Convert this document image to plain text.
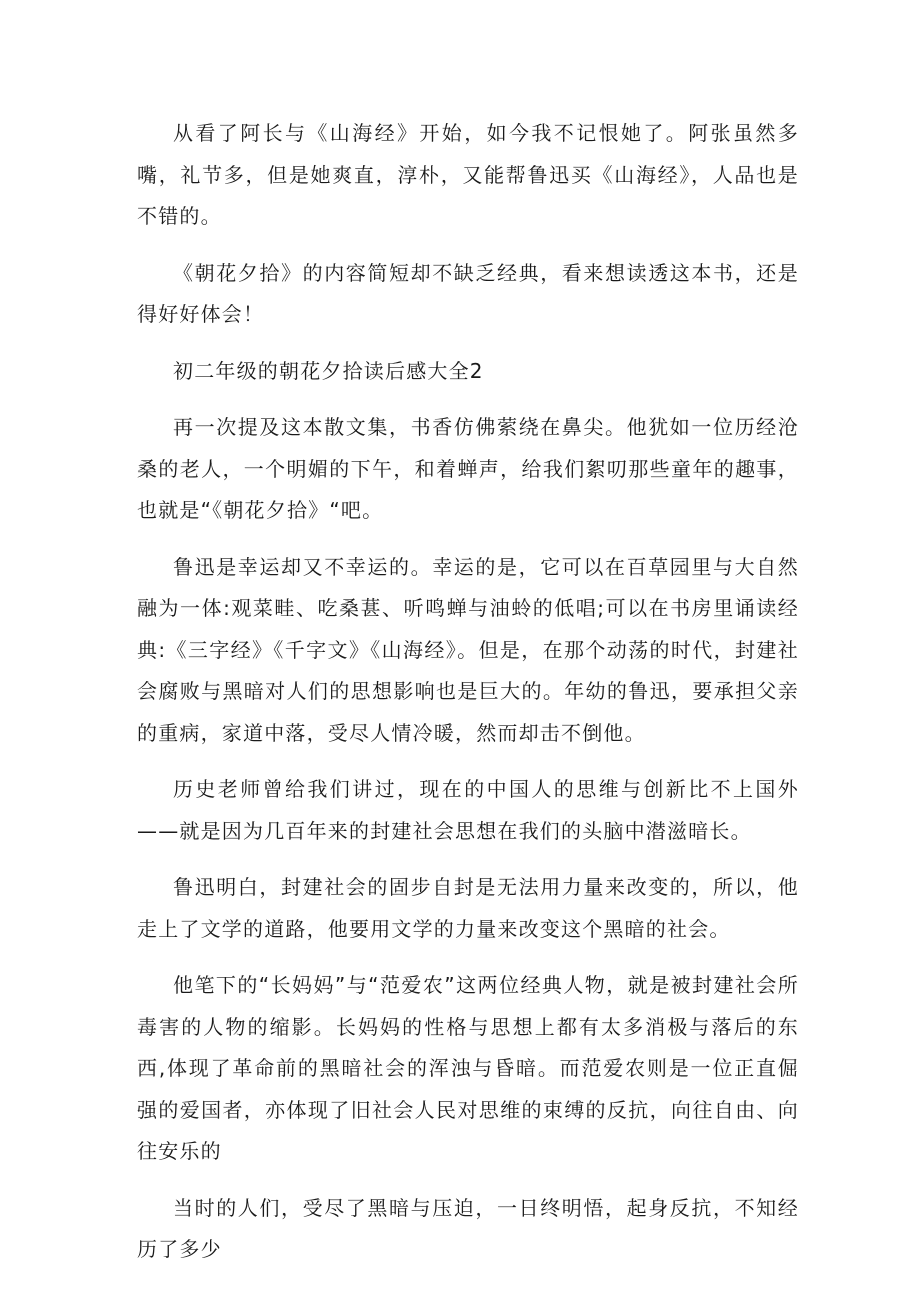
从看了阿长与《山海经》开始，如今我不记恨她了。阿张虽然多嘴，礼节多，但是她爽直，淳朴，又能帮鲁迅买《山海经》，人品也是不错的。

《朝花夕拾》的内容简短却不缺乏经典，看来想读透这本书，还是得好好体会！

初二年级的朝花夕拾读后感大全2

再一次提及这本散文集，书香仿佛萦绕在鼻尖。他犹如一位历经沧桑的老人，一个明媚的下午，和着蝉声，给我们絮叨那些童年的趣事，也就是“《朝花夕拾》“吧。

鲁迅是幸运却又不幸运的。幸运的是，它可以在百草园里与大自然融为一体:观菜畦、吃桑葚、听鸣蝉与油蛉的低唱;可以在书房里诵读经典:《三字经》《千字文》《山海经》。但是，在那个动荡的时代，封建社会腐败与黑暗对人们的思想影响也是巨大的。年幼的鲁迅，要承担父亲的重病，家道中落，受尽人情冷暖，然而却击不倒他。

历史老师曾给我们讲过，现在的中国人的思维与创新比不上国外——就是因为几百年来的封建社会思想在我们的头脑中潜滋暗长。

鲁迅明白，封建社会的固步自封是无法用力量来改变的，所以，他走上了文学的道路，他要用文学的力量来改变这个黑暗的社会。

他笔下的“长妈妈”与“范爱农”这两位经典人物，就是被封建社会所毒害的人物的缩影。长妈妈的性格与思想上都有太多消极与落后的东西,体现了革命前的黑暗社会的浑浊与昏暗。而范爱农则是一位正直倔强的爱国者，亦体现了旧社会人民对思维的束缚的反抗，向往自由、向往安乐的

当时的人们，受尽了黑暗与压迫，一日终明悟，起身反抗，不知经历了多少
